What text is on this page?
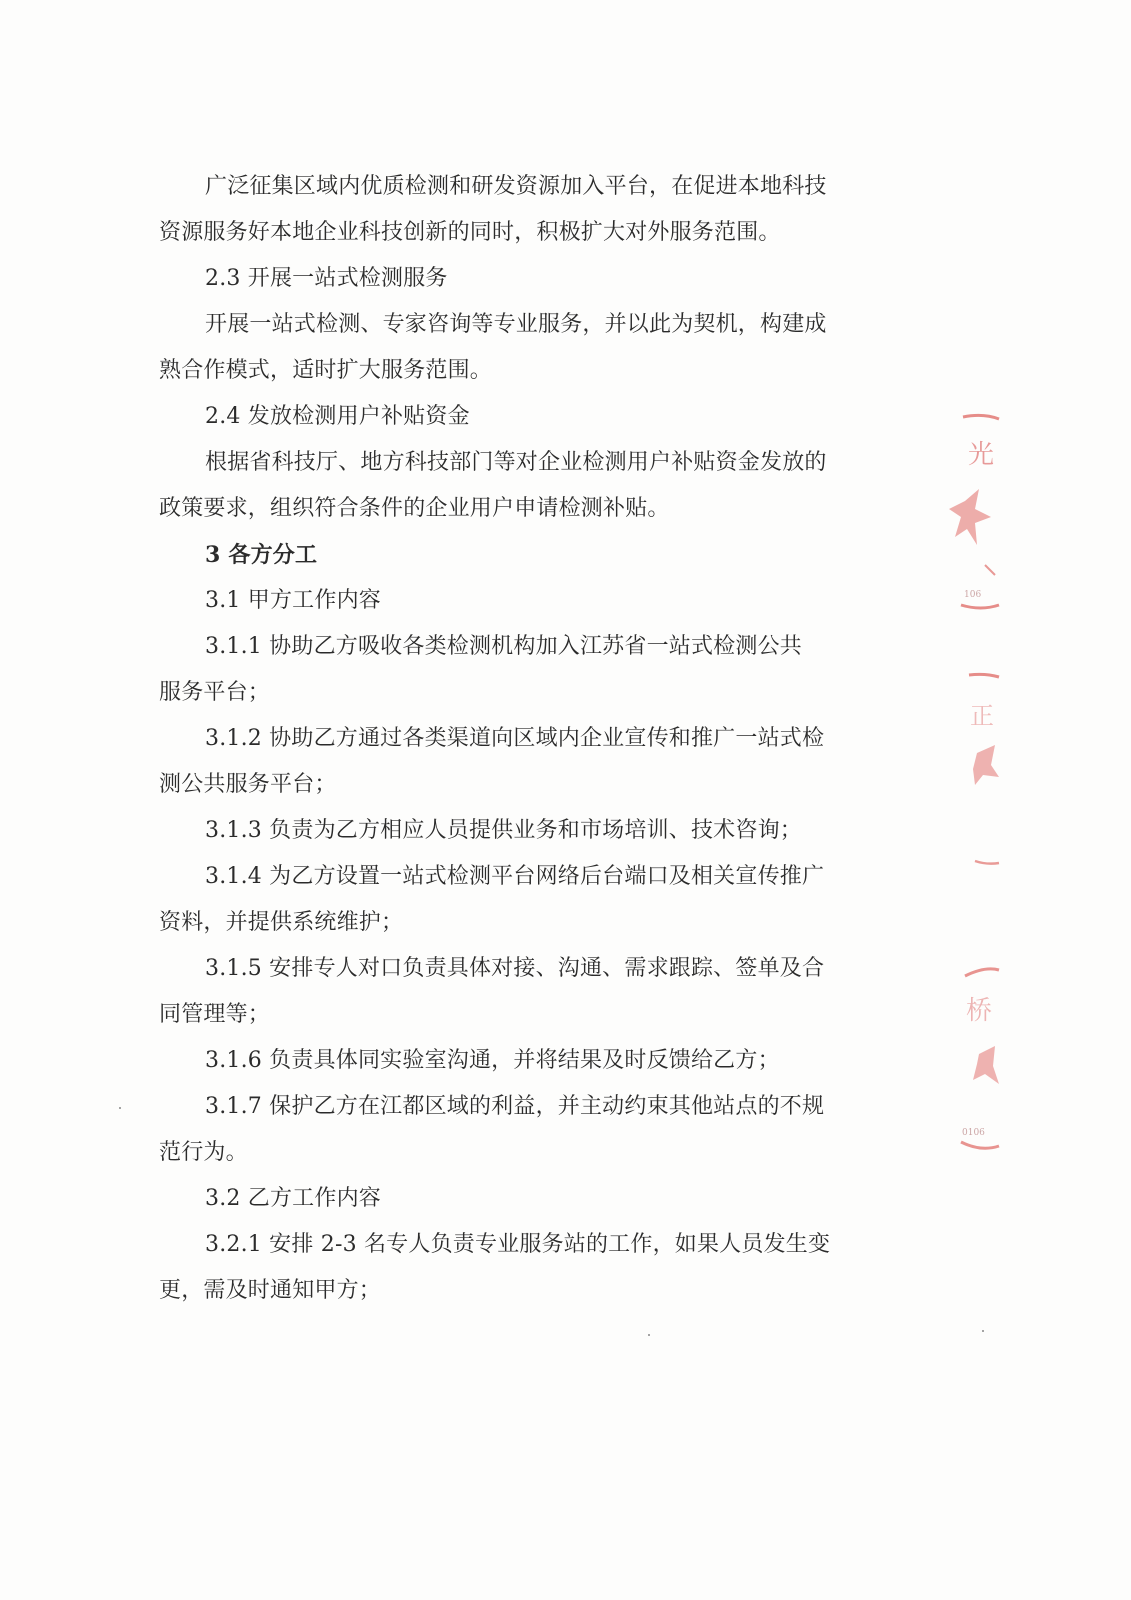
广泛征集区域内优质检测和研发资源加入平台，在促进本地科技
资源服务好本地企业科技创新的同时，积极扩大对外服务范围。
2.3 开展一站式检测服务
开展一站式检测、专家咨询等专业服务，并以此为契机，构建成
熟合作模式，适时扩大服务范围。
2.4 发放检测用户补贴资金
根据省科技厅、地方科技部门等对企业检测用户补贴资金发放的
政策要求，组织符合条件的企业用户申请检测补贴。
3 各方分工
3.1 甲方工作内容
3.1.1 协助乙方吸收各类检测机构加入江苏省一站式检测公共
服务平台；
3.1.2 协助乙方通过各类渠道向区域内企业宣传和推广一站式检
测公共服务平台；
3.1.3 负责为乙方相应人员提供业务和市场培训、技术咨询；
3.1.4 为乙方设置一站式检测平台网络后台端口及相关宣传推广
资料，并提供系统维护；
3.1.5 安排专人对口负责具体对接、沟通、需求跟踪、签单及合
同管理等；
3.1.6 负责具体同实验室沟通，并将结果及时反馈给乙方；
3.1.7 保护乙方在江都区域的利益，并主动约束其他站点的不规
范行为。
3.2 乙方工作内容
3.2.1 安排 2-3 名专人负责专业服务站的工作，如果人员发生变
更，需及时通知甲方；
光
106
正
桥
0106
